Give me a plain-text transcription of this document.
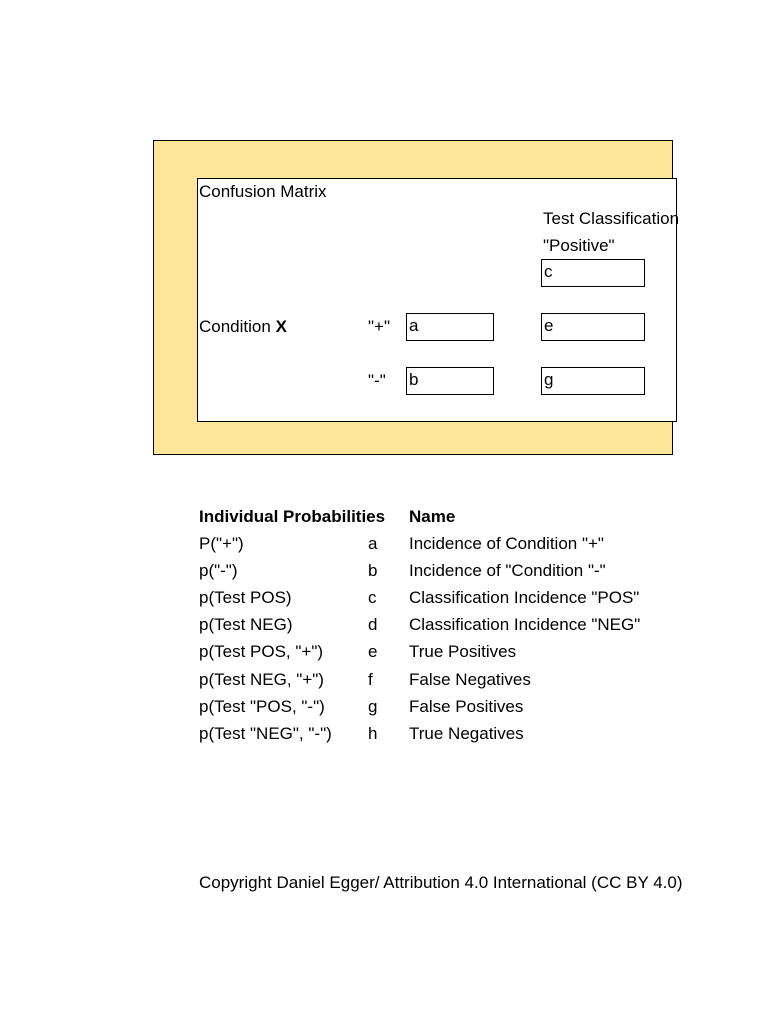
Confusion Matrix
Test Classification
"Positive"
c
Condition X	"+" a	e
"-" b	g
Individual Probabilities Name
P("+")	a Incidence of Condition "+"
p("-")	b Incidence of "Condition "-"
p(Test POS)	c Classification Incidence "POS"
p(Test NEG)	d Classification Incidence "NEG"
p(Test POS, "+")	e True Positives
p(Test NEG, "+")	f False Negatives
p(Test "POS, "-")	g False Positives
p(Test "NEG", "-") h True Negatives
Copyright Daniel Egger/ Attribution 4.0 International (CC BY 4.0)
